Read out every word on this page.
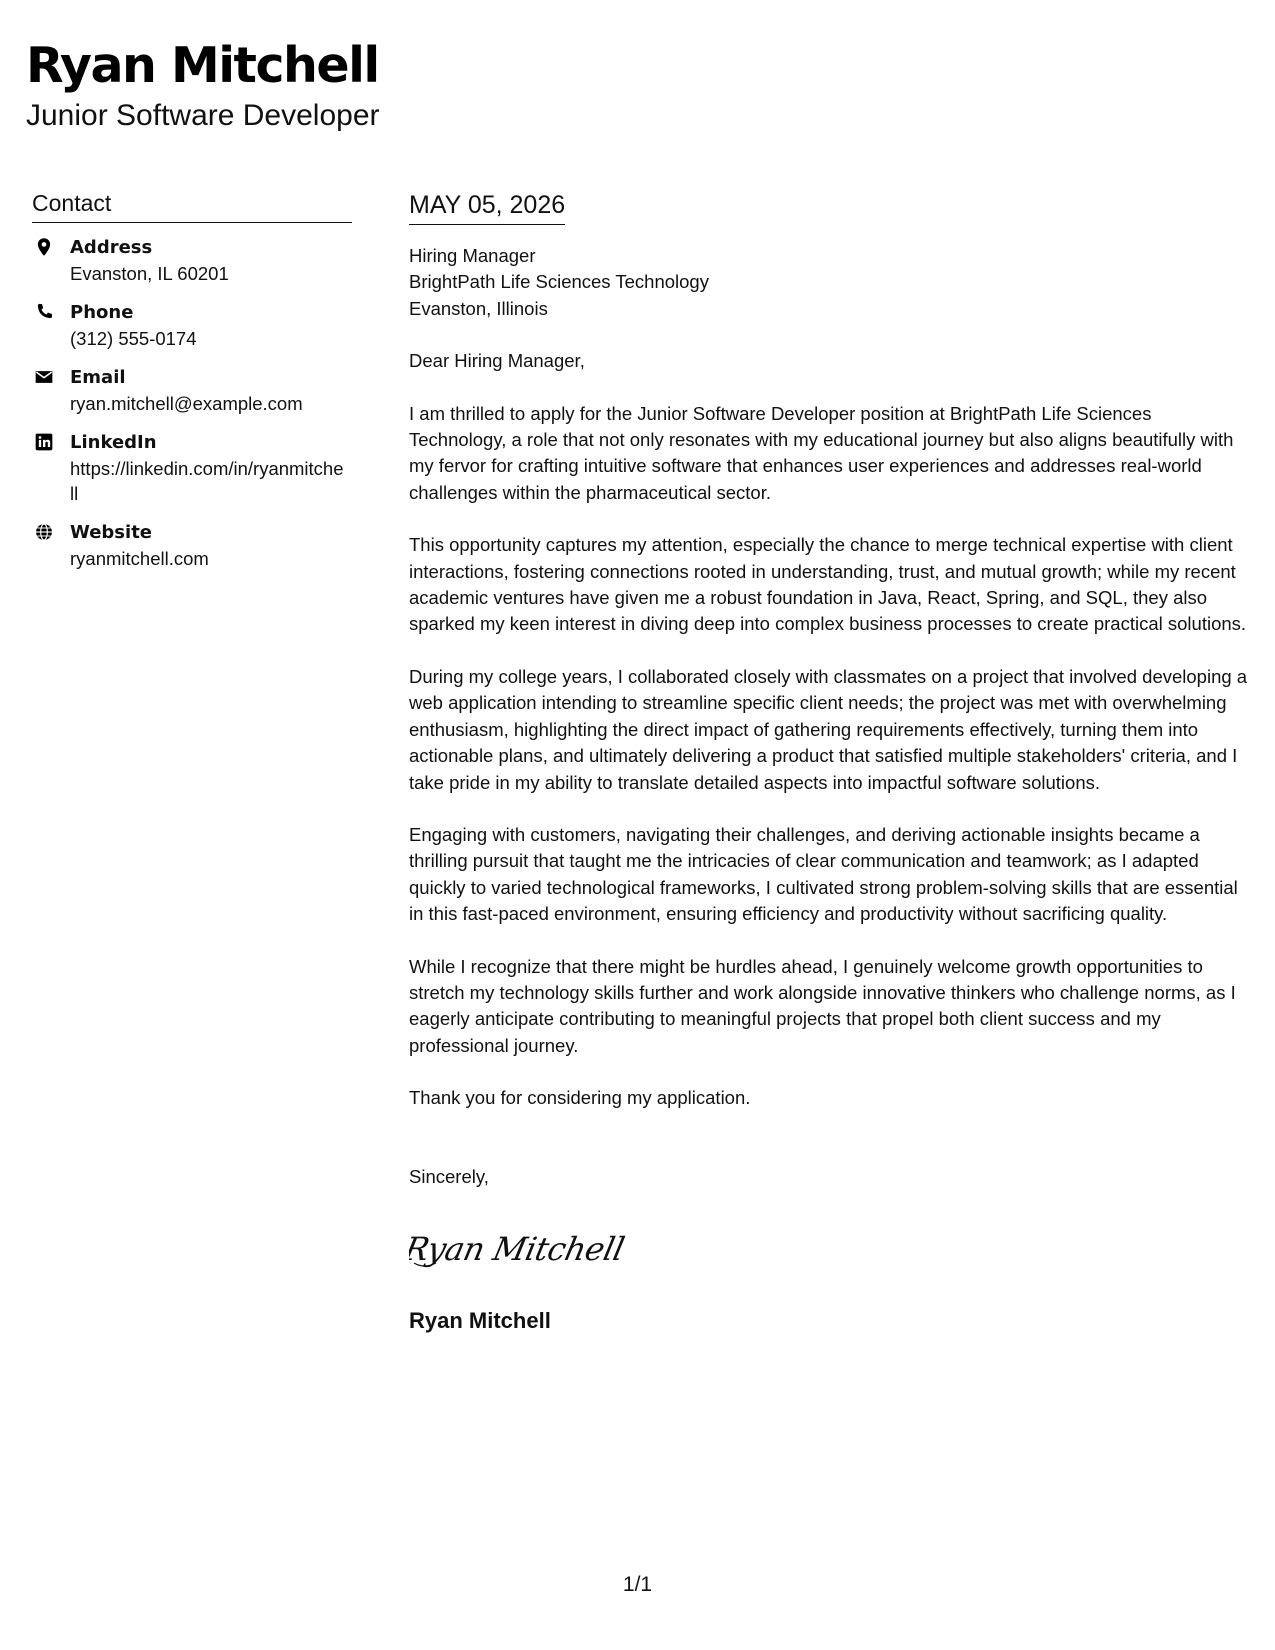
Ryan Mitchell
Junior Software Developer
Contact
Address
Evanston, IL 60201
Phone
(312) 555-0174
Email
ryan.mitchell@example.com
LinkedIn
https://linkedin.com/in/ryanmitchell
Website
ryanmitchell.com
MAY 05, 2026
Hiring Manager
BrightPath Life Sciences Technology
Evanston, Illinois
Dear Hiring Manager,

I am thrilled to apply for the Junior Software Developer position at BrightPath Life Sciences Technology, a role that not only resonates with my educational journey but also aligns beautifully with my fervor for crafting intuitive software that enhances user experiences and addresses real-world challenges within the pharmaceutical sector.

This opportunity captures my attention, especially the chance to merge technical expertise with client interactions, fostering connections rooted in understanding, trust, and mutual growth; while my recent academic ventures have given me a robust foundation in Java, React, Spring, and SQL, they also sparked my keen interest in diving deep into complex business processes to create practical solutions.

During my college years, I collaborated closely with classmates on a project that involved developing a web application intending to streamline specific client needs; the project was met with overwhelming enthusiasm, highlighting the direct impact of gathering requirements effectively, turning them into actionable plans, and ultimately delivering a product that satisfied multiple stakeholders' criteria, and I take pride in my ability to translate detailed aspects into impactful software solutions.

Engaging with customers, navigating their challenges, and deriving actionable insights became a thrilling pursuit that taught me the intricacies of clear communication and teamwork; as I adapted quickly to varied technological frameworks, I cultivated strong problem-solving skills that are essential in this fast-paced environment, ensuring efficiency and productivity without sacrificing quality.

While I recognize that there might be hurdles ahead, I genuinely welcome growth opportunities to stretch my technology skills further and work alongside innovative thinkers who challenge norms, as I eagerly anticipate contributing to meaningful projects that propel both client success and my professional journey.

Thank you for considering my application.

Sincerely,
Ryan Mitchell
Ryan Mitchell
1/1
